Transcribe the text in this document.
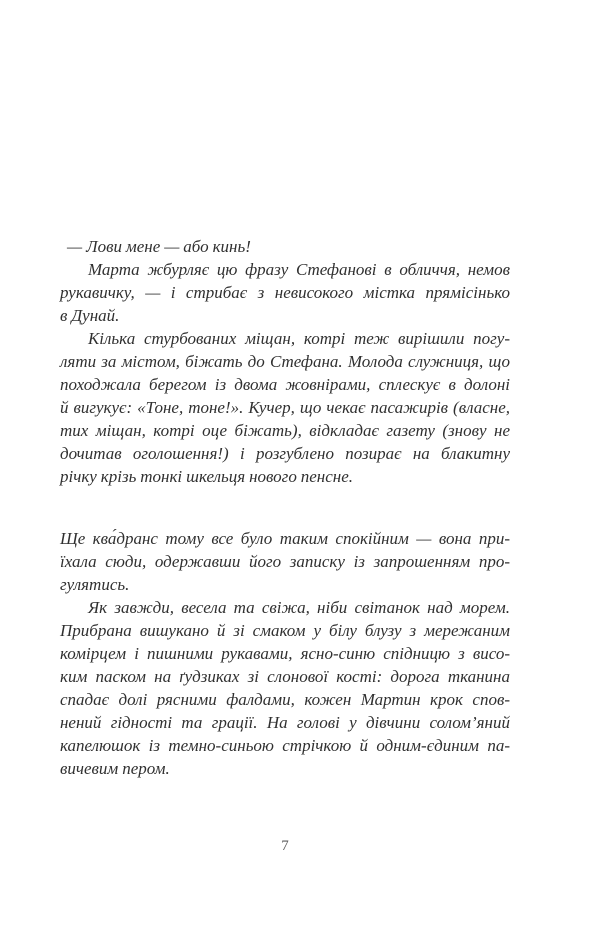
— Лови мене — або кинь!
Марта жбурляє цю фразу Стефанові в обличчя, немов
рукавичку, — і стрибає з невисокого містка прямісінько
в Дунай.
Кілька стурбованих міщан, котрі теж вирішили погу-
ляти за містом, біжать до Стефана. Молода служниця, що
походжала берегом із двома жовнірами, сплескує в долоні
й вигукує: «Тоне, тоне!». Кучер, що чекає пасажирів (власне,
тих міщан, котрі оце біжать), відкладає газету (знову не
дочитав оголошення!) і розгублено позирає на блакитну
річку крізь тонкі шкельця нового пенсне.
Ще ква́дранс тому все було таким спокійним — вона при-
їхала сюди, одержавши його записку із запрошенням про-
гулятись.
Як завжди, весела та свіжа, ніби світанок над морем.
Прибрана вишукано й зі смаком у білу блузу з мережаним
комірцем і пишними рукавами, ясно-синю спідницю з висо-
ким паском на ґудзиках зі слонової кості: дорога тканина
спадає долі рясними фалдами, кожен Мартин крок спов-
нений гідності та грації. На голові у дівчини солом’яний
капелюшок із темно-синьою стрічкою й одним-єдиним па-
вичевим пером.
7
